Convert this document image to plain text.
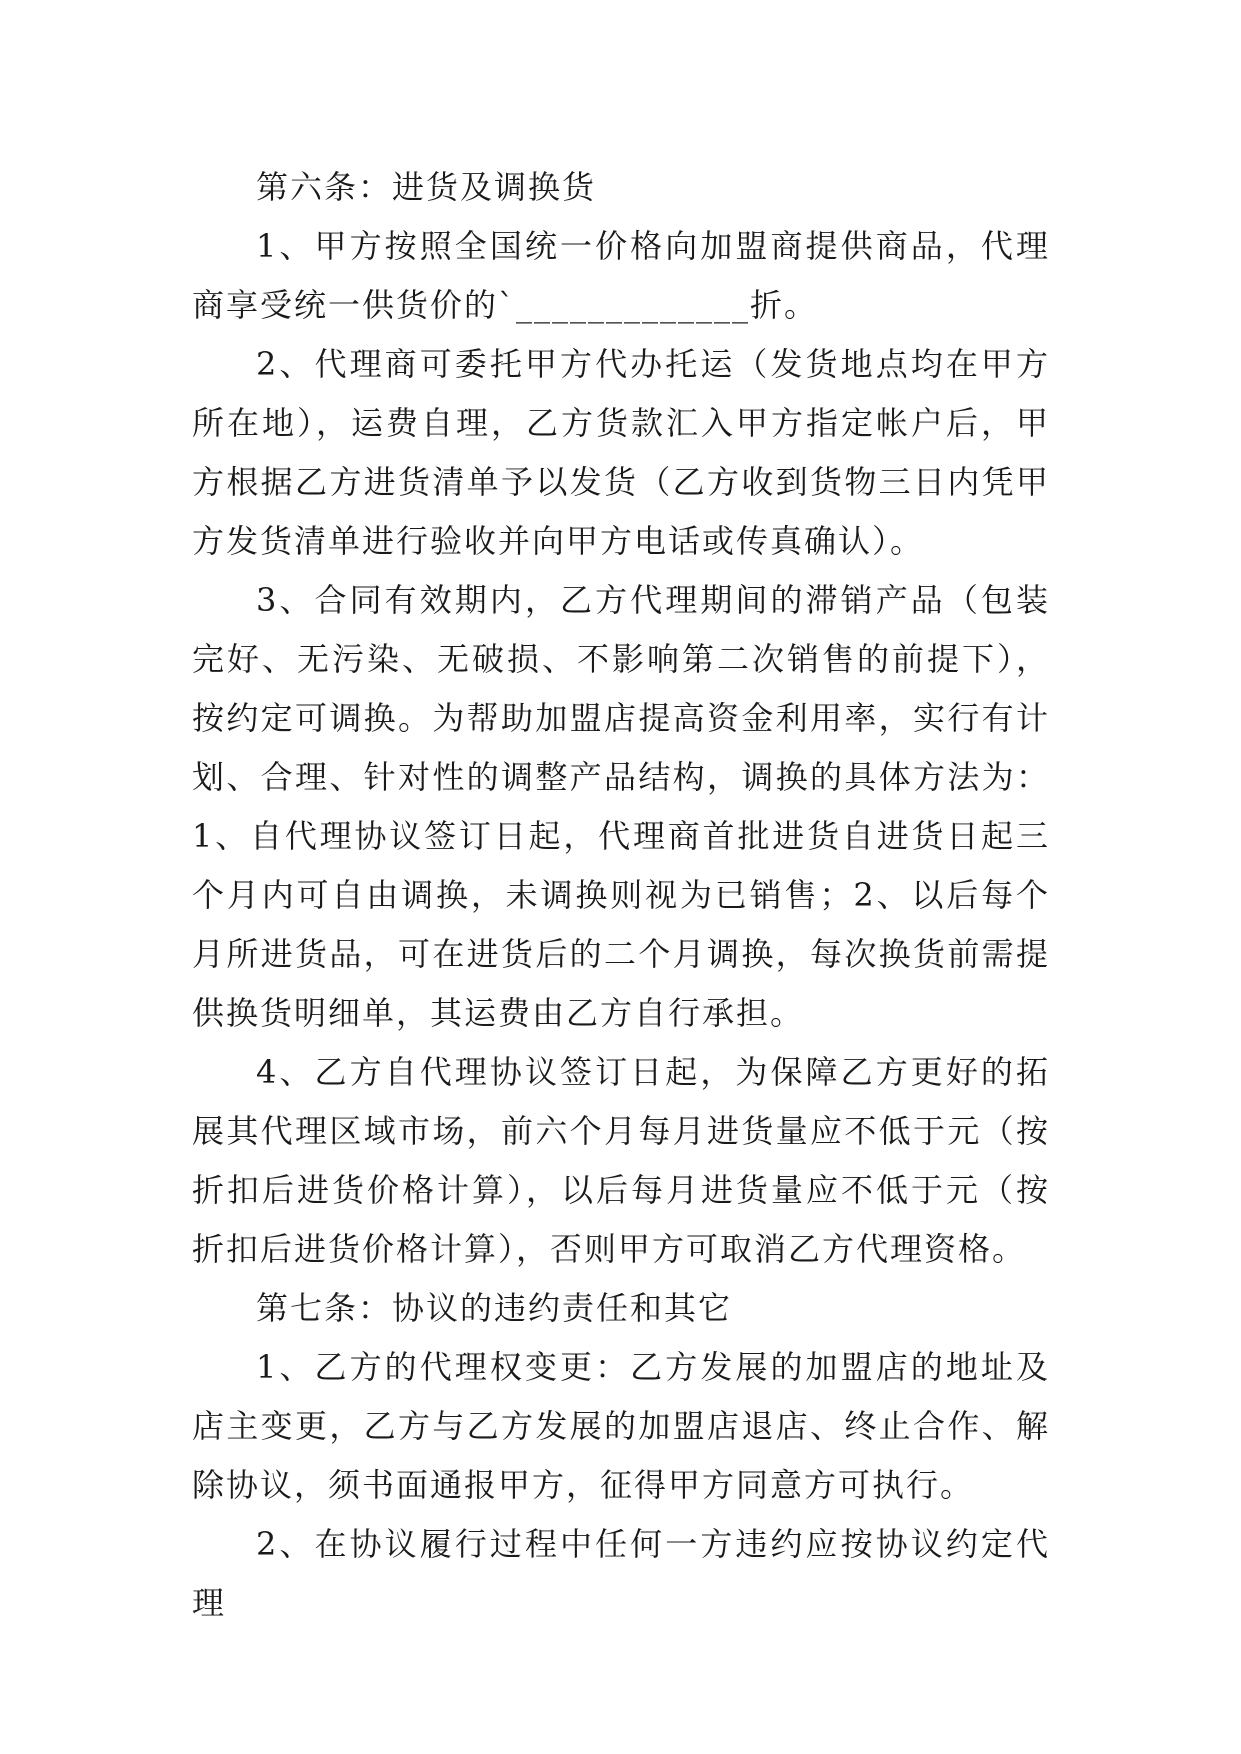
第六条：进货及调换货

1、甲方按照全国统一价格向加盟商提供商品，代理商享受统一供货价的`_____________折。

2、代理商可委托甲方代办托运（发货地点均在甲方所在地），运费自理，乙方货款汇入甲方指定帐户后，甲方根据乙方进货清单予以发货（乙方收到货物三日内凭甲方发货清单进行验收并向甲方电话或传真确认）。

3、合同有效期内，乙方代理期间的滞销产品（包装完好、无污染、无破损、不影响第二次销售的前提下），按约定可调换。为帮助加盟店提高资金利用率，实行有计划、合理、针对性的调整产品结构，调换的具体方法为：1、自代理协议签订日起，代理商首批进货自进货日起三个月内可自由调换，未调换则视为已销售；2、以后每个月所进货品，可在进货后的二个月调换，每次换货前需提供换货明细单，其运费由乙方自行承担。

4、乙方自代理协议签订日起，为保障乙方更好的拓展其代理区域市场，前六个月每月进货量应不低于元（按折扣后进货价格计算），以后每月进货量应不低于元（按折扣后进货价格计算），否则甲方可取消乙方代理资格。

第七条：协议的违约责任和其它

1、乙方的代理权变更：乙方发展的加盟店的地址及店主变更，乙方与乙方发展的加盟店退店、终止合作、解除协议，须书面通报甲方，征得甲方同意方可执行。

2、在协议履行过程中任何一方违约应按协议约定代理
